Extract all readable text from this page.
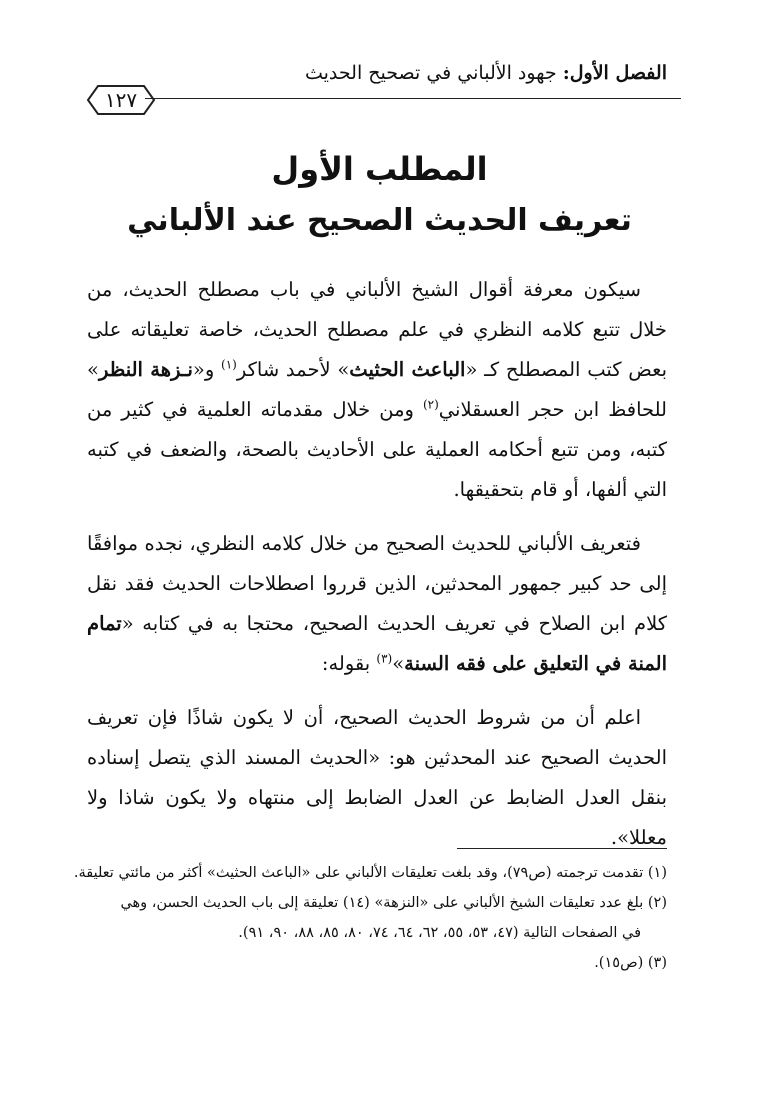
الفصل الأول: جهود الألباني في تصحيح الحديث
١٢٧
المطلب الأول
تعريف الحديث الصحيح عند الألباني

سيكون معرفة أقوال الشيخ الألباني في باب مصطلح الحديث، من خلال تتبع كلامه النظري في علم مصطلح الحديث، خاصة تعليقاته على بعض كتب المصطلح كـ «الباعث الحثيث» لأحمد شاكر$^{(١)}$ و«نـزهة النظر» للحافظ ابن حجر العسقلاني$^{(٢)}$ ومن خلال مقدماته العلمية في كثير من كتبه، ومن تتبع أحكامه العملية على الأحاديث بالصحة، والضعف في كتبه التي ألفها، أو قام بتحقيقها.

فتعريف الألباني للحديث الصحيح من خلال كلامه النظري، نجده موافقًا إلى حد كبير جمهور المحدثين، الذين قرروا اصطلاحات الحديث فقد نقل كلام ابن الصلاح في تعريف الحديث الصحيح، محتجا به في كتابه «تمام المنة في التعليق على فقه السنة»$^{(٣)}$ بقوله:

اعلم أن من شروط الحديث الصحيح، أن لا يكون شاذًا فإن تعريف الحديث الصحيح عند المحدثين هو: «الحديث المسند الذي يتصل إسناده بنقل العدل الضابط عن العدل الضابط إلى منتهاه ولا يكون شاذا ولا معللا».

(١) تقدمت ترجمته (ص٧٩)، وقد بلغت تعليقات الألباني على «الباعث الحثيث» أكثر من مائتي تعليقة.

(٢) بلغ عدد تعليقات الشيخ الألباني على «النزهة» (١٤) تعليقة إلى باب الحديث الحسن، وهي
في الصفحات التالية (٤٧، ٥٣، ٥٥، ٦٢، ٦٤، ٧٤، ٨٠، ٨٥، ٨٨، ٩٠، ٩١).

(٣) (ص١٥).
